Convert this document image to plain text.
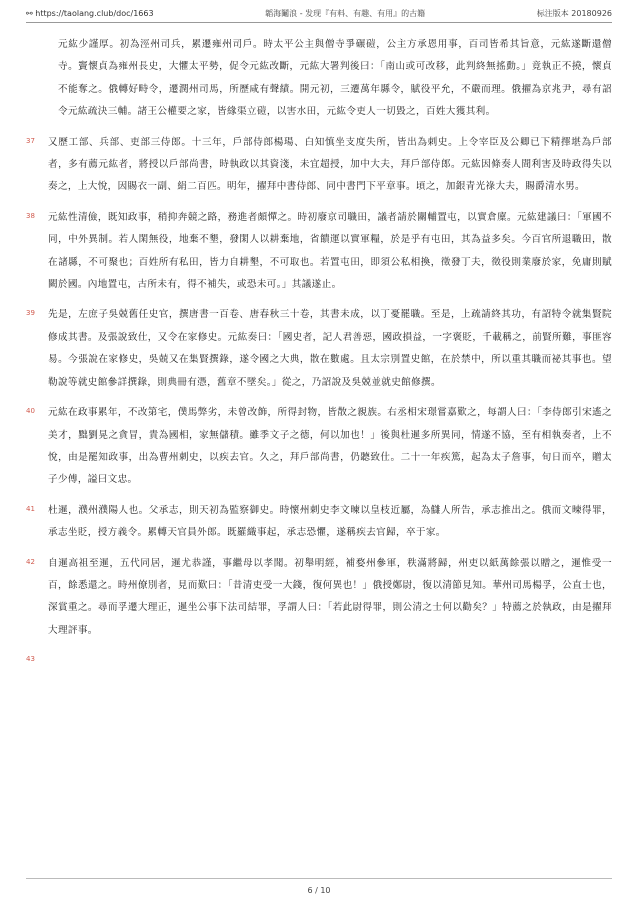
⚯ https://taolang.club/doc/1663	韜海鬮浪 - 发现『有料、有趣、有用』的古籍	标注版本 20180926
元紘少謹厚。初為涇州司兵，累遷雍州司戶。時太平公主與僧寺爭碾磑，公主方承恩用事，百司皆希其旨意，元紘遂斷還僧寺。竇懷貞為雍州長史，大懼太平勢，促令元紘改斷，元紘大署判後曰：「南山或可改移，此判終無搖動。」竟執正不撓，懷貞不能奪之。俄轉好畤令，遷潤州司馬，所歷咸有聲績。開元初，三遷萬年縣令，賦役平允，不嚴而理。俄擢為京兆尹，尋有詔令元紘疏決三輔。諸王公權要之家，皆緣渠立磑，以害水田，元紘令吏人一切毀之，百姓大獲其利。
37	又歷工部、兵部、吏部三侍郎。十三年，戶部侍郎楊瑒、白知慎坐支度失所，皆出為刺史。上令宰臣及公卿已下精擇堪為戶部者，多有薦元紘者，將授以戶部尚書，時執政以其資淺，未宜超授，加中大夫，拜戶部侍郎。元紘因條奏人間利害及時政得失以奏之，上大悅，因賜衣一副、絹二百匹。明年，擢拜中書侍郎、同中書門下平章事。頃之，加銀青光祿大夫，賜爵清水男。
38	元紘性清儉，既知政事，稍抑奔競之路，務進者頗憚之。時初廢京司職田，議者請於關輔置屯，以實倉廩。元紘建議曰：「軍國不同，中外異制。若人閑無役，地棄不墾，發閑人以耕棄地，省饋運以實軍糧，於是乎有屯田，其為益多矣。今百官所退職田，散在諸縣，不可聚也；百姓所有私田，皆力自耕墾，不可取也。若置屯田，即須公私相換，徵發丁夫，徵役則業廢於家，免庸則賦闕於國。內地置屯，古所未有，得不補失，或恐未可。」其議遂止。
39	先是，左庶子吳兢舊任史官，撰唐書一百卷、唐春秋三十卷，其書未成，以丁憂罷職。至是，上疏請終其功，有詔特令就集賢院修成其書。及張說致仕，又令在家修史。元紘奏曰：「國史者，記人君善惡，國政損益，一字褒貶，千載稱之，前賢所難，事匪容易。今張說在家修史，吳兢又在集賢撰錄，遂令國之大典，散在數處。且太宗別置史館，在於禁中，所以重其職而祕其事也。望勒說等就史館參詳撰錄，則典冊有憑，舊章不墜矣。」從之，乃詔說及吳兢並就史館修撰。
40	元紘在政事累年，不改第宅，僕馬弊劣，未曾改飾，所得封物，皆散之親族。右丞相宋璟嘗嘉歎之，每謂人曰：「李侍郎引宋遙之美才，黜劉晃之貪冒，貴為國相，家無儲積。雖季文子之德，何以加也！」後與杜暹多所異同，情遂不協，至有相執奏者，上不悅，由是罷知政事，出為曹州刺史，以疾去官。久之，拜戶部尚書，仍聽致仕。二十一年疾篤，起為太子詹事，旬日而卒，贈太子少傅，謚曰文忠。
41	杜暹，濮州濮陽人也。父承志，則天初為監察御史。時懷州刺史李文暕以皇枝近屬，為讎人所告，承志推出之。俄而文暕得罪，承志坐貶，授方義令。累轉天官員外郎。既羅織事起，承志恐懼，遂稱疾去官歸，卒于家。
42	自暹高祖至暹，五代同居，暹尤恭謹，事繼母以孝聞。初舉明經，補婺州參軍，秩滿將歸，州吏以紙萬餘張以贈之，暹惟受一百，餘悉還之。時州僚別者，見而歎曰：「昔清吏受一大錢，復何異也！」俄授鄭尉，復以清節見知。華州司馬楊孚，公直士也，深賞重之。尋而孚遷大理正，暹坐公事下法司結罪，孚謂人曰：「若此尉得罪，則公清之士何以勸矣？」特薦之於執政，由是擢拜大理評事。
43
6 / 10
